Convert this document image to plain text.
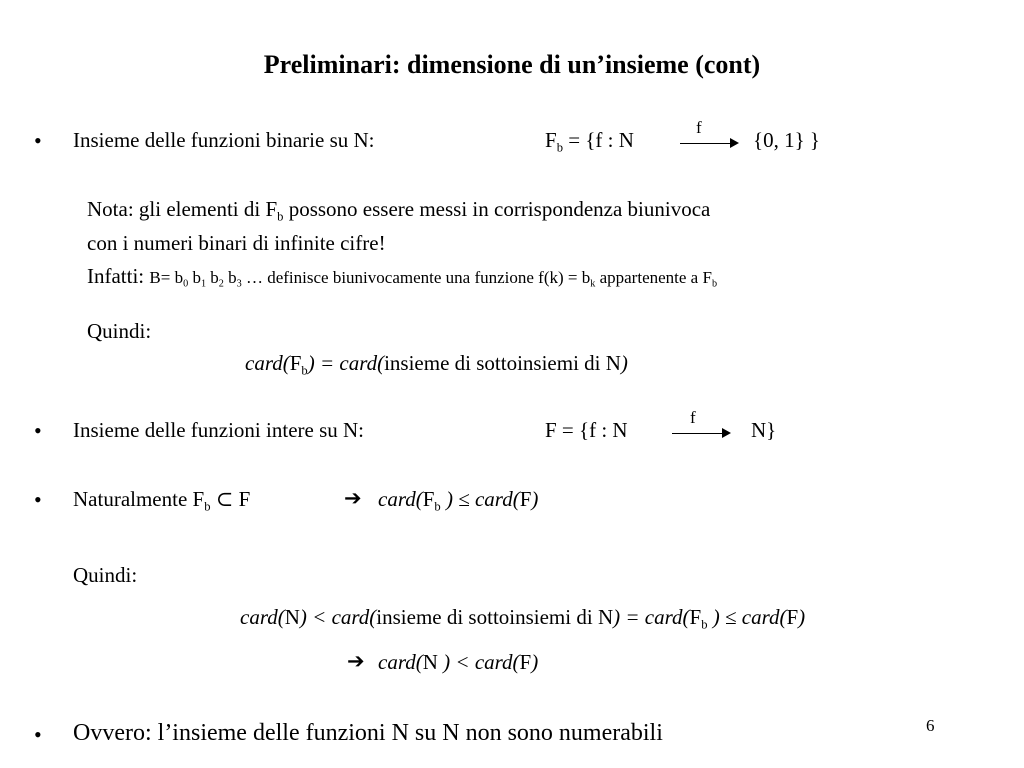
Preliminari: dimensione di un’insieme (cont)
• Insieme delle funzioni binarie su N:	$F_b = \{f$ : N
f
{0, 1} }
Nota: gli elementi di $F_b$ possono essere messi in corrispondenza biunivoca
con i numeri binari di infinite cifre!
Infatti: $B= b_0$ $b_1$ $b_2$ $b_3$ … definisce biunivocamente una funzione $f(k) = b_k$ appartenente a $F_b$
Quindi:
$card(F_b)$ = card(insieme di sottoinsiemi di N)
• Insieme delle funzioni intere su N:	F = {f : N
f
N}
• Naturalmente $F_b$ ⊂ F	➔ $card(F_b$ ) ≤ card(F)
Quindi:
card(N) < card(insieme di sottoinsiemi di $N) = card(F_b$ ) ≤ card(F)
➔ card(N ) < card(F)
• Ovvero: l’insieme delle funzioni N su N non sono numerabili	6
